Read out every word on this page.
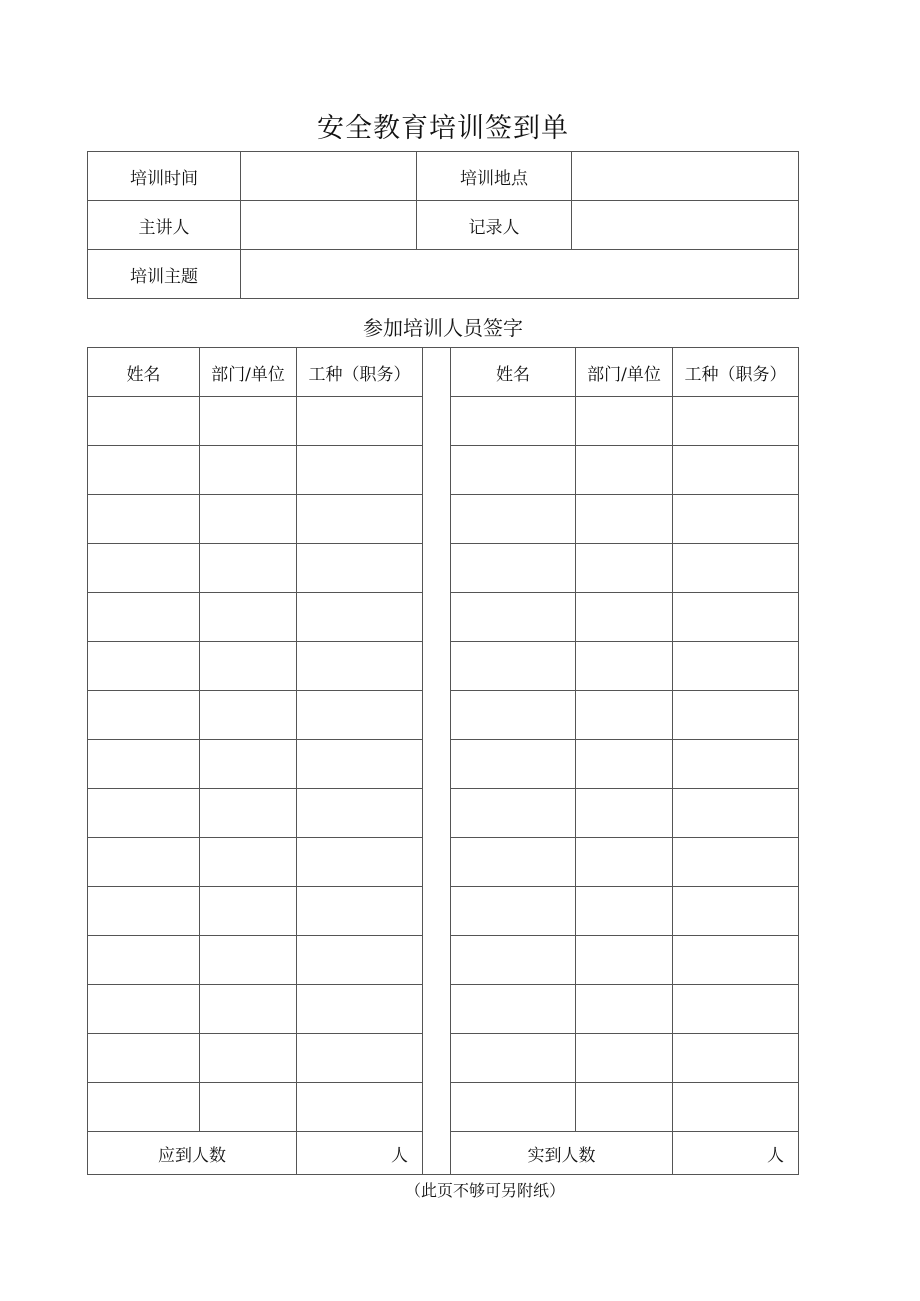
安全教育培训签到单
培训时间		培训地点	
主讲人		记录人	
培训主题			
参加培训人员签字
姓名	部门/单位	工种（职务）		姓名	部门/单位	工种（职务）

应到人数		人		实到人数		人
（此页不够可另附纸）
